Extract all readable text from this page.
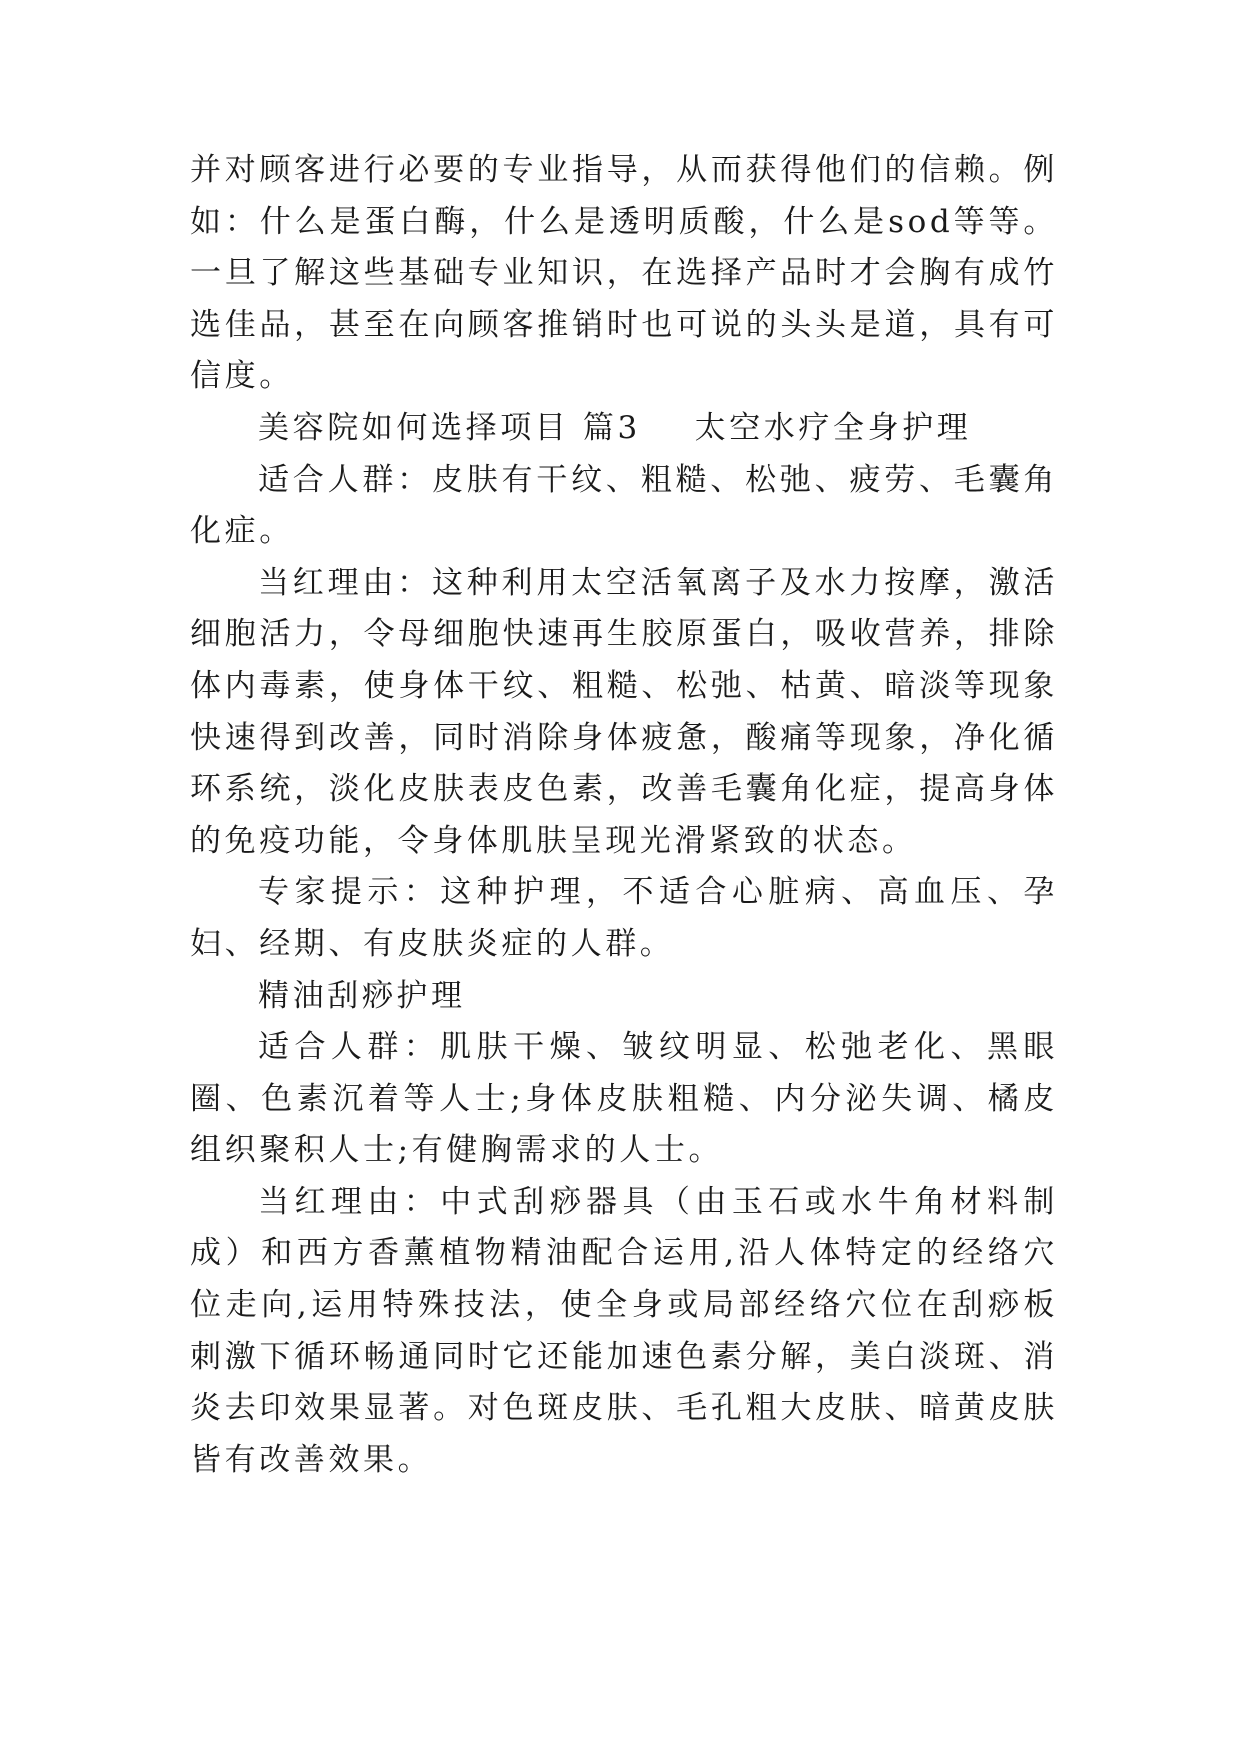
并对顾客进行必要的专业指导，从而获得他们的信赖。例如：什么是蛋白酶，什么是透明质酸，什么是sod等等。一旦了解这些基础专业知识，在选择产品时才会胸有成竹选佳品，甚至在向顾客推销时也可说的头头是道，具有可信度。

美容院如何选择项目 篇3    太空水疗全身护理

适合人群：皮肤有干纹、粗糙、松弛、疲劳、毛囊角化症。

当红理由：这种利用太空活氧离子及水力按摩，激活细胞活力，令母细胞快速再生胶原蛋白，吸收营养，排除体内毒素，使身体干纹、粗糙、松弛、枯黄、暗淡等现象快速得到改善，同时消除身体疲惫，酸痛等现象，净化循环系统，淡化皮肤表皮色素，改善毛囊角化症，提高身体的免疫功能，令身体肌肤呈现光滑紧致的状态。

专家提示：这种护理，不适合心脏病、高血压、孕妇、经期、有皮肤炎症的人群。

精油刮痧护理

适合人群：肌肤干燥、皱纹明显、松弛老化、黑眼圈、色素沉着等人士;身体皮肤粗糙、内分泌失调、橘皮组织聚积人士;有健胸需求的人士。

当红理由：中式刮痧器具（由玉石或水牛角材料制成）和西方香薰植物精油配合运用,沿人体特定的经络穴位走向,运用特殊技法，使全身或局部经络穴位在刮痧板刺激下循环畅通同时它还能加速色素分解，美白淡斑、消炎去印效果显著。对色斑皮肤、毛孔粗大皮肤、暗黄皮肤皆有改善效果。
